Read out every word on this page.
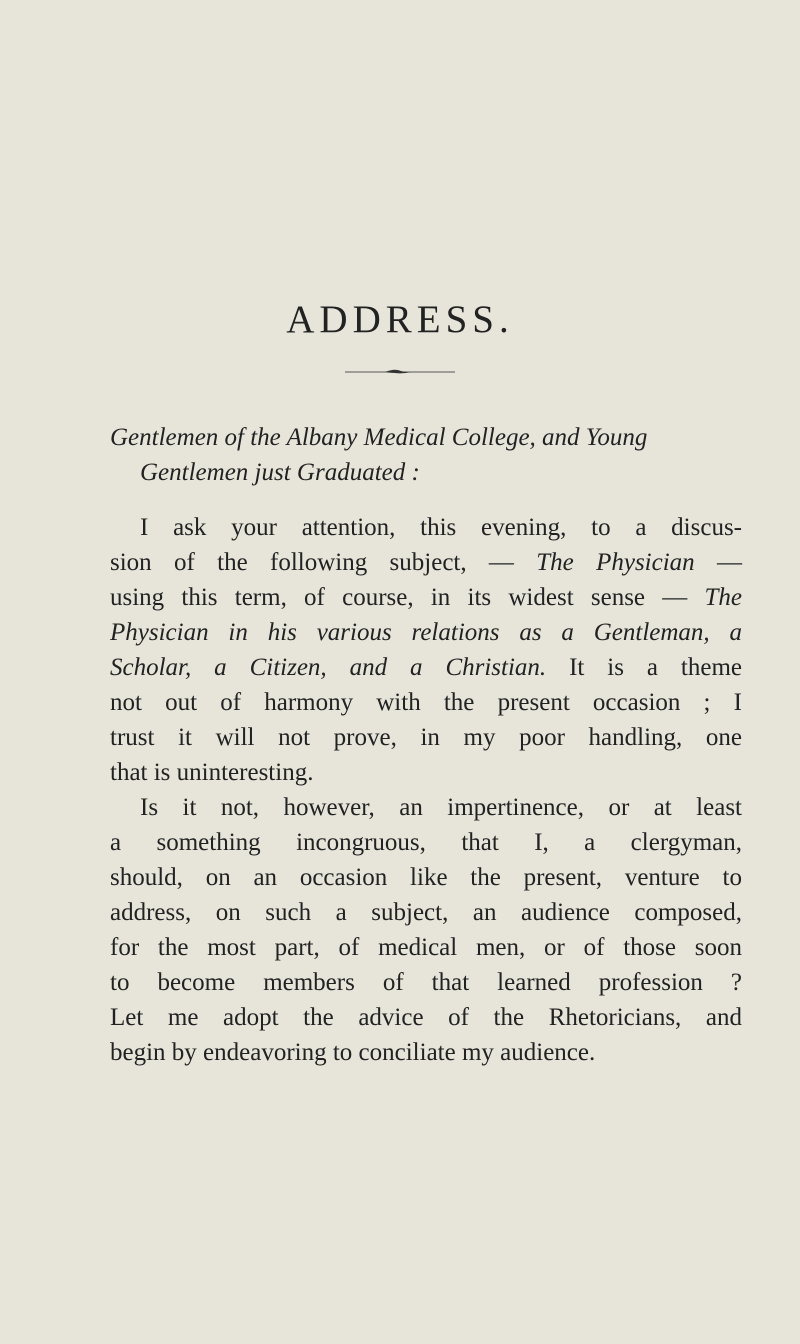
ADDRESS.

Gentlemen of the Albany Medical College, and Young
Gentlemen just Graduated :

I ask your attention, this evening, to a discus-
sion of the following subject, — The Physician —
using this term, of course, in its widest sense — The
Physician in his various relations as a Gentleman, a
Scholar, a Citizen, and a Christian. It is a theme
not out of harmony with the present occasion ; I
trust it will not prove, in my poor handling, one
that is uninteresting.
Is it not, however, an impertinence, or at least
a something incongruous, that I, a clergyman,
should, on an occasion like the present, venture to
address, on such a subject, an audience composed,
for the most part, of medical men, or of those soon
to become members of that learned profession ?
Let me adopt the advice of the Rhetoricians, and
begin by endeavoring to conciliate my audience.
